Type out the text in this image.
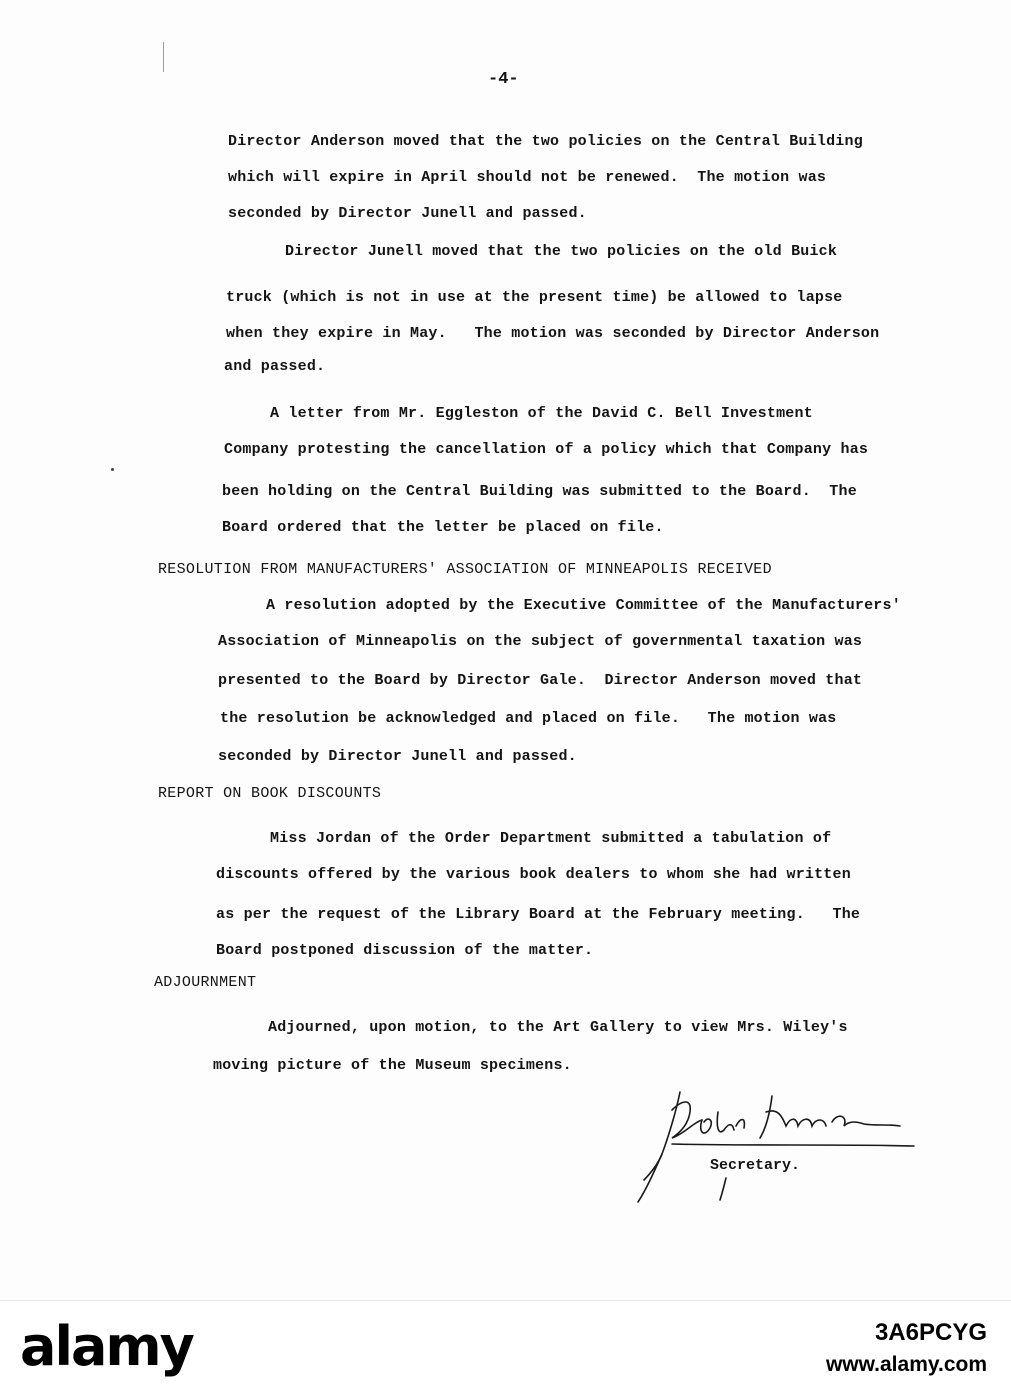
-4-
Director Anderson moved that the two policies on the Central Building
which will expire in April should not be renewed.  The motion was
seconded by Director Junell and passed.
Director Junell moved that the two policies on the old Buick
truck (which is not in use at the present time) be allowed to lapse
when they expire in May.   The motion was seconded by Director Anderson
and passed.
A letter from Mr. Eggleston of the David C. Bell Investment
Company protesting the cancellation of a policy which that Company has
been holding on the Central Building was submitted to the Board.  The
Board ordered that the letter be placed on file.
RESOLUTION FROM MANUFACTURERS' ASSOCIATION OF MINNEAPOLIS RECEIVED
A resolution adopted by the Executive Committee of the Manufacturers'
Association of Minneapolis on the subject of governmental taxation was
presented to the Board by Director Gale.  Director Anderson moved that
the resolution be acknowledged and placed on file.   The motion was
seconded by Director Junell and passed.
REPORT ON BOOK DISCOUNTS
Miss Jordan of the Order Department submitted a tabulation of
discounts offered by the various book dealers to whom she had written
as per the request of the Library Board at the February meeting.   The
Board postponed discussion of the matter.
ADJOURNMENT
Adjourned, upon motion, to the Art Gallery to view Mrs. Wiley's
moving picture of the Museum specimens.
Secretary.
alamy	3A6PCYG
www.alamy.com
